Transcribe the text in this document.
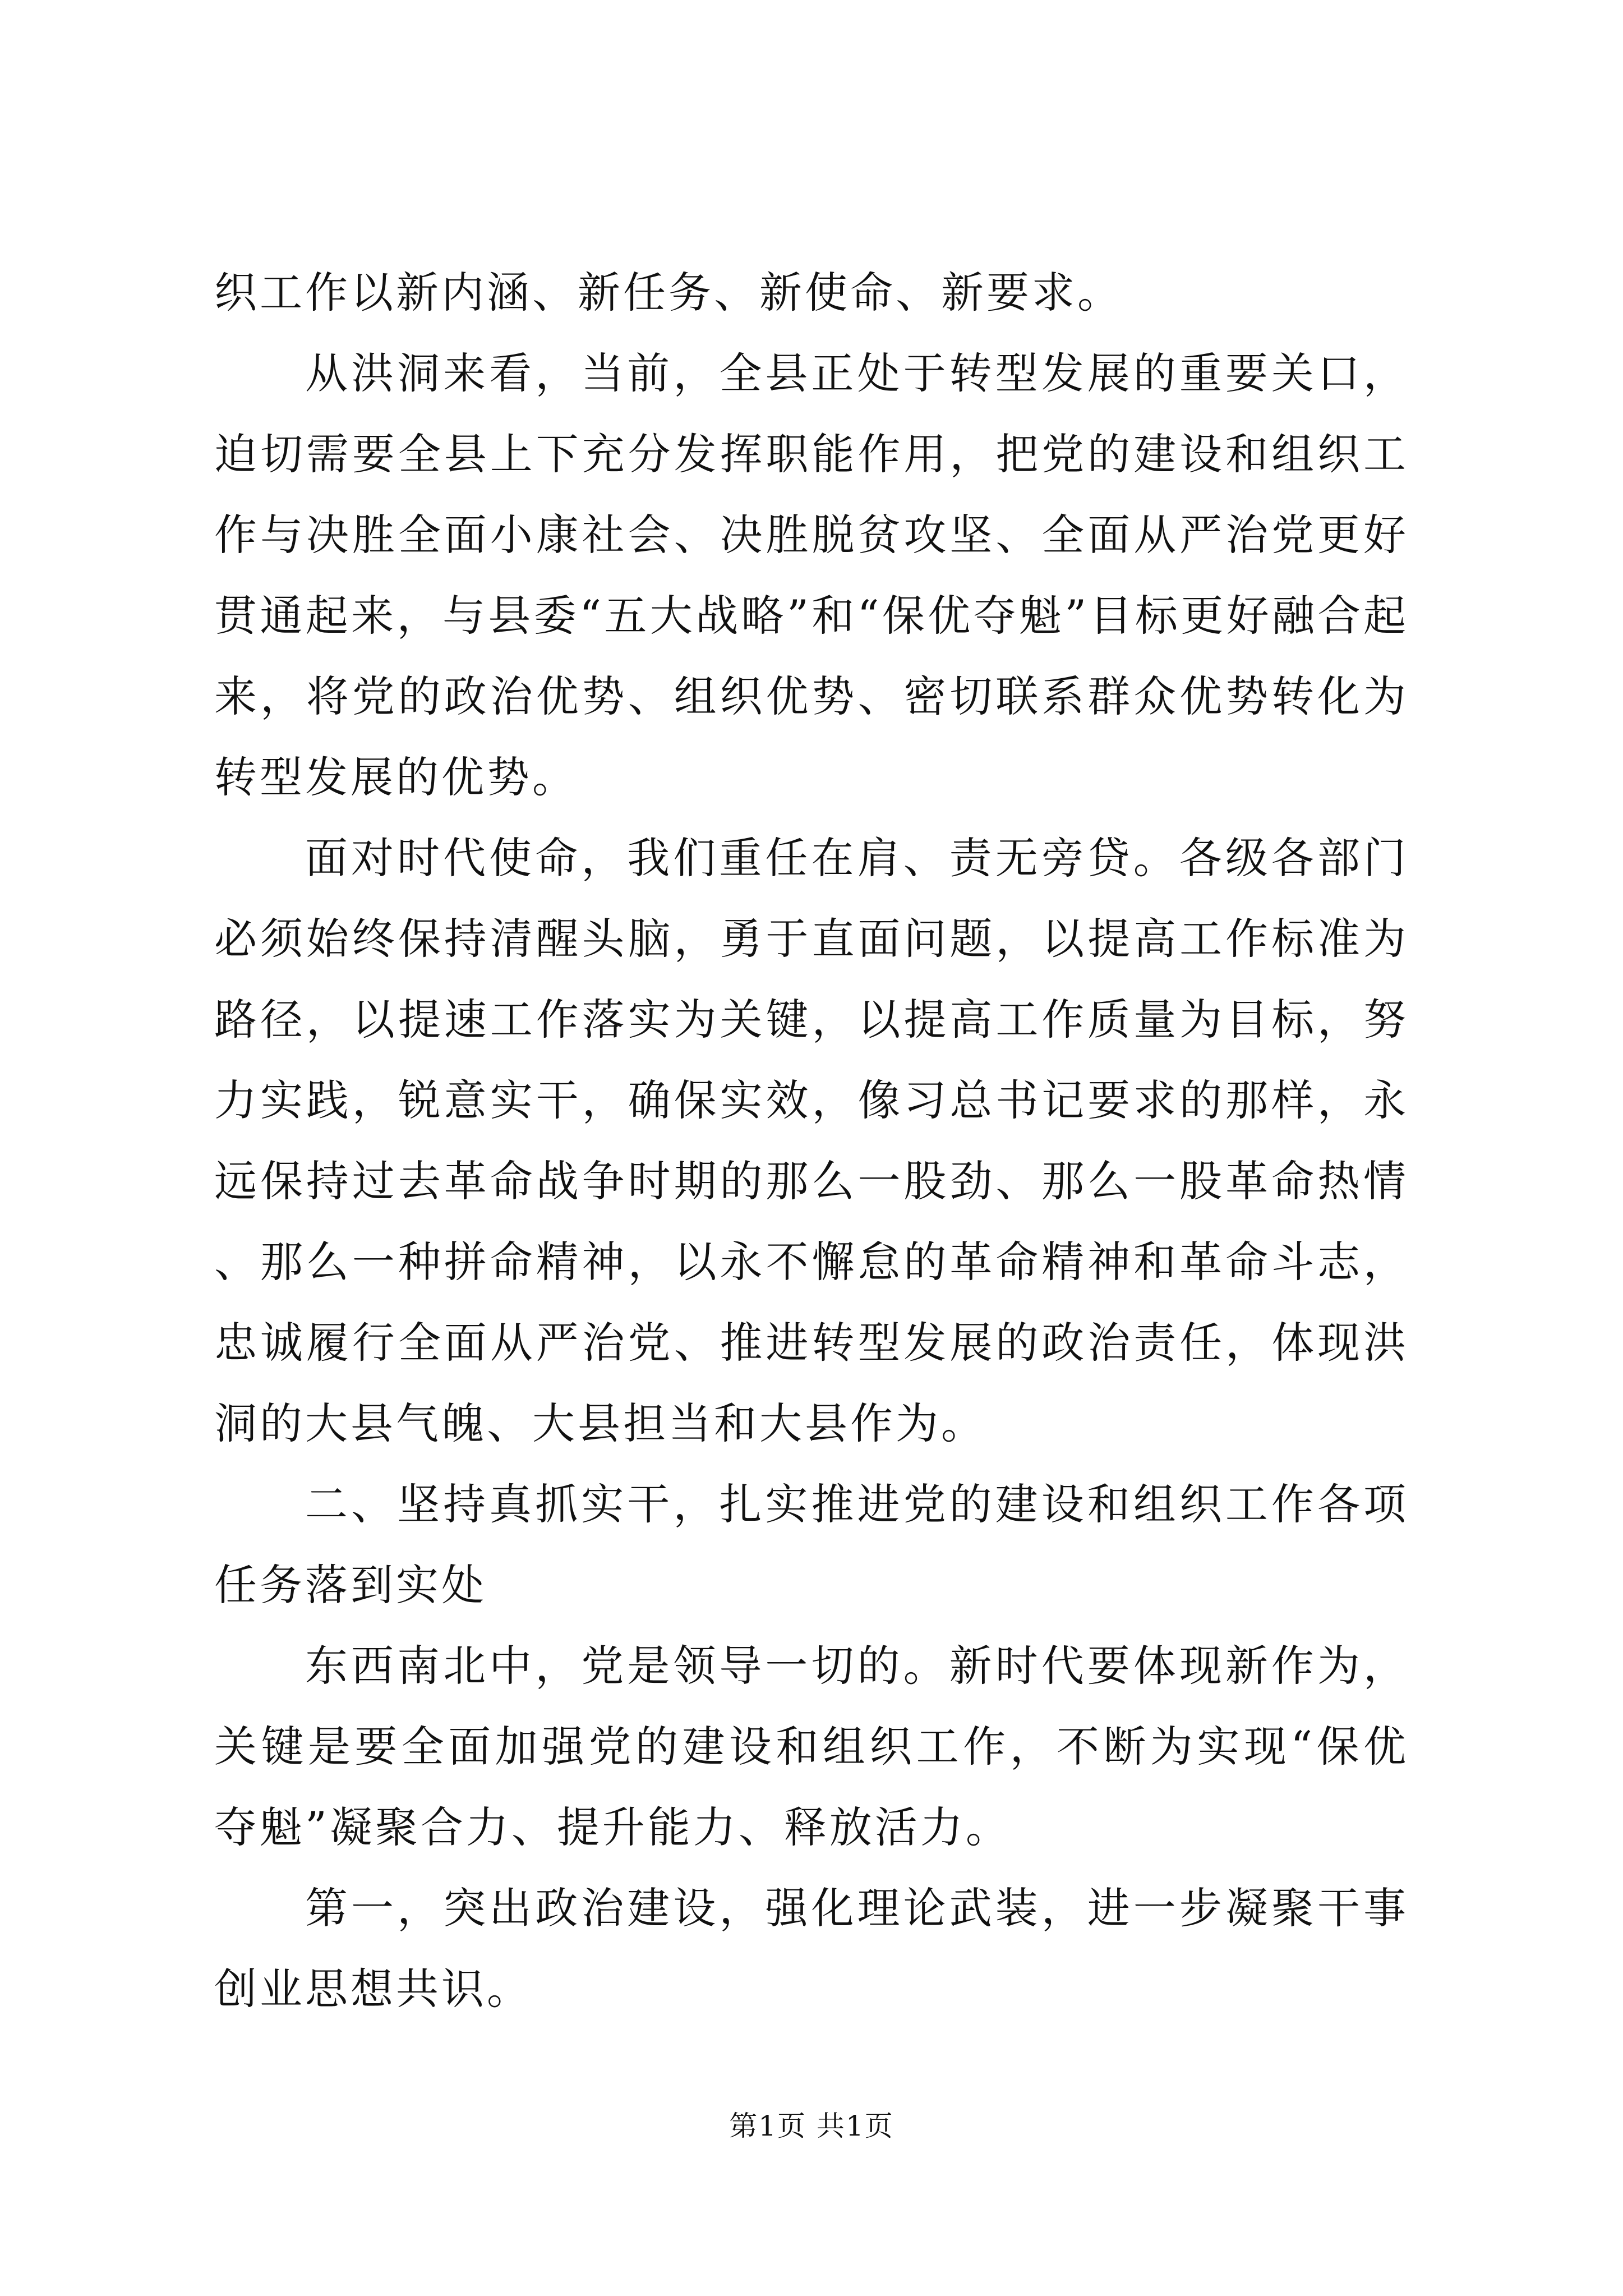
织工作以新内涵、新任务、新使命、新要求。

从洪洞来看，当前，全县正处于转型发展的重要关口，迫切需要全县上下充分发挥职能作用，把党的建设和组织工作与决胜全面小康社会、决胜脱贫攻坚、全面从严治党更好贯通起来，与县委“五大战略”和“保优夺魁”目标更好融合起来，将党的政治优势、组织优势、密切联系群众优势转化为转型发展的优势。

面对时代使命，我们重任在肩、责无旁贷。各级各部门必须始终保持清醒头脑，勇于直面问题，以提高工作标准为路径，以提速工作落实为关键，以提高工作质量为目标，努力实践，锐意实干，确保实效，像习总书记要求的那样，永远保持过去革命战争时期的那么一股劲、那么一股革命热情、那么一种拼命精神，以永不懈怠的革命精神和革命斗志，忠诚履行全面从严治党、推进转型发展的政治责任，体现洪洞的大县气魄、大县担当和大县作为。

二、坚持真抓实干，扎实推进党的建设和组织工作各项任务落到实处

东西南北中，党是领导一切的。新时代要体现新作为，关键是要全面加强党的建设和组织工作，不断为实现“保优夺魁”凝聚合力、提升能力、释放活力。

第一，突出政治建设，强化理论武装，进一步凝聚干事创业思想共识。

第1页 共1页
